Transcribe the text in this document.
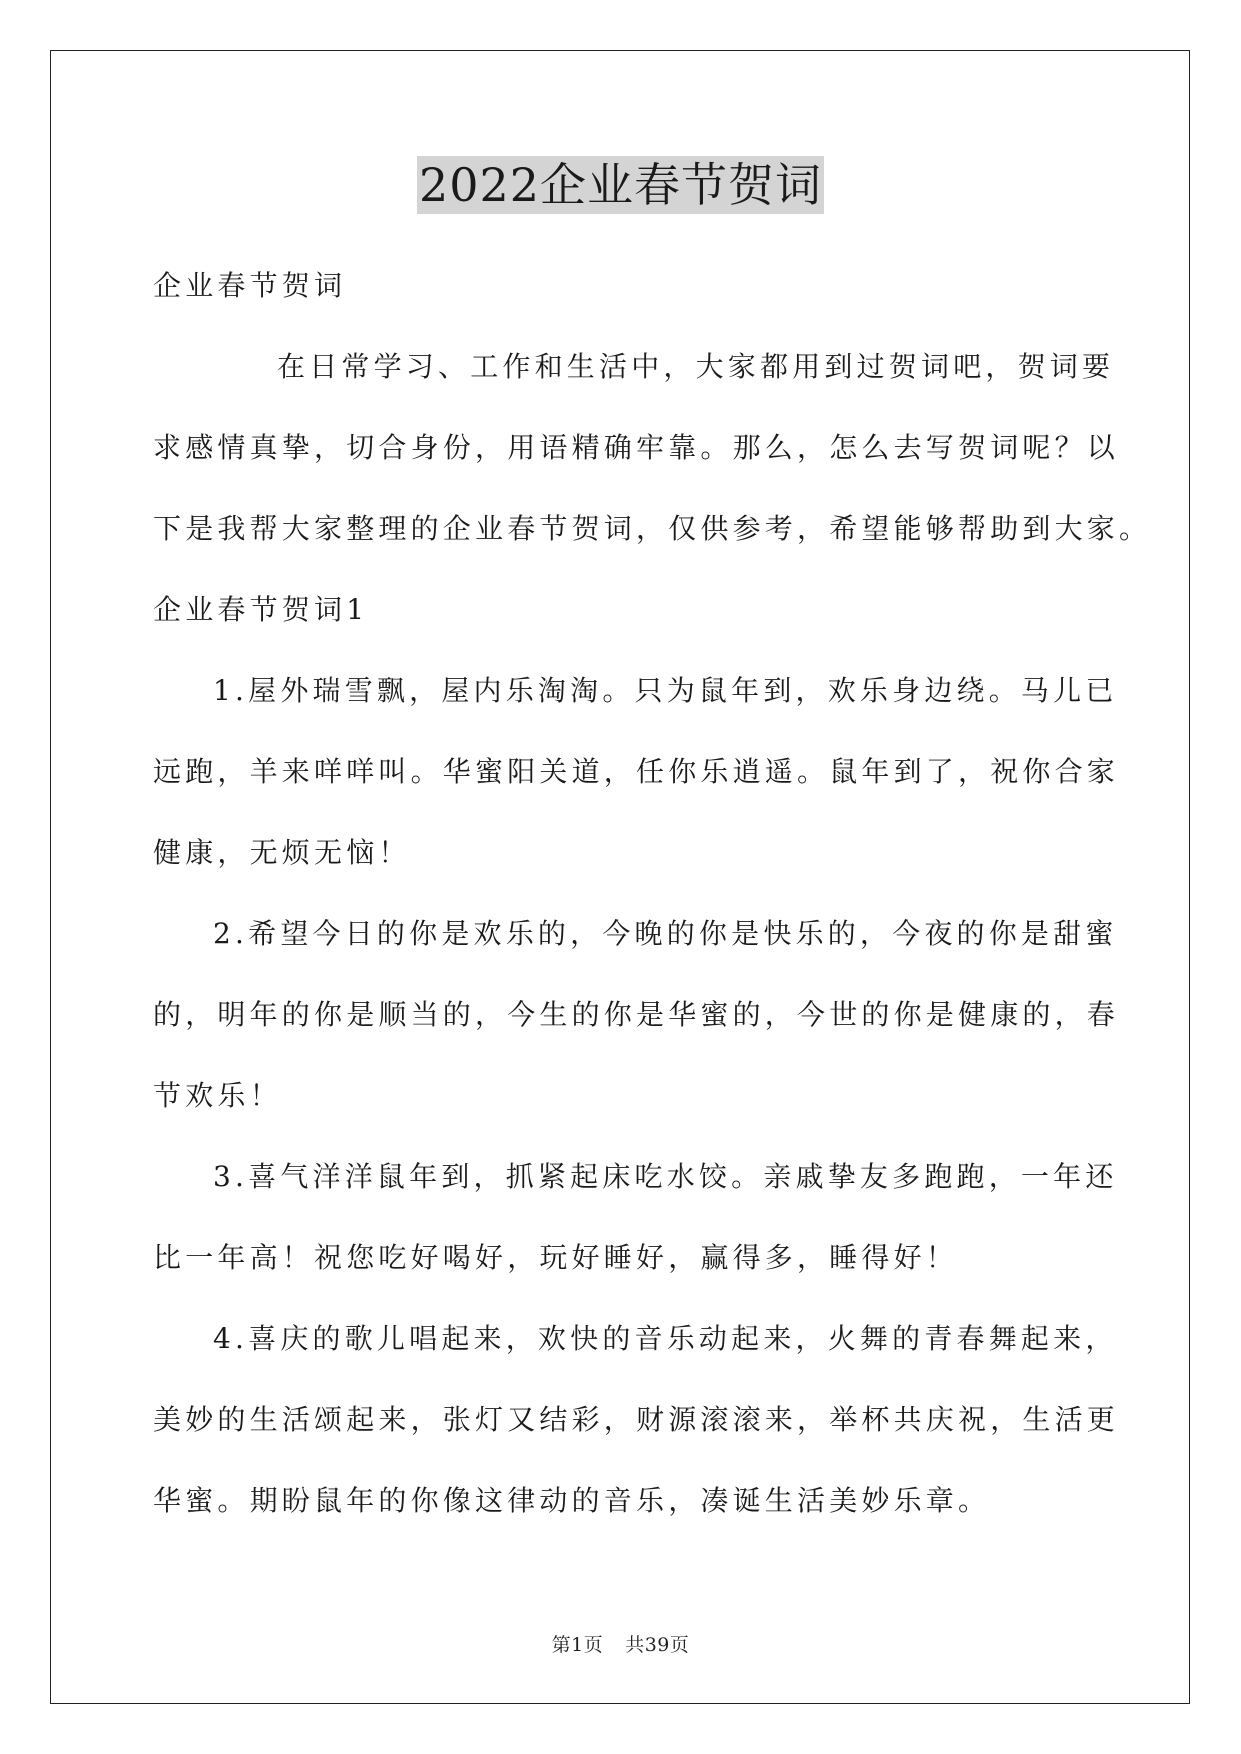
2022企业春节贺词
企业春节贺词
在日常学习、工作和生活中，大家都用到过贺词吧，贺词要
求感情真挚，切合身份，用语精确牢靠。那么，怎么去写贺词呢？以
下是我帮大家整理的企业春节贺词，仅供参考，希望能够帮助到大家。
企业春节贺词1
1.屋外瑞雪飘，屋内乐淘淘。只为鼠年到，欢乐身边绕。马儿已
远跑，羊来咩咩叫。华蜜阳关道，任你乐逍遥。鼠年到了，祝你合家
健康，无烦无恼！
2.希望今日的你是欢乐的，今晚的你是快乐的，今夜的你是甜蜜
的，明年的你是顺当的，今生的你是华蜜的，今世的你是健康的，春
节欢乐！
3.喜气洋洋鼠年到，抓紧起床吃水饺。亲戚挚友多跑跑，一年还
比一年高！祝您吃好喝好，玩好睡好，赢得多，睡得好！
4.喜庆的歌儿唱起来，欢快的音乐动起来，火舞的青春舞起来，
美妙的生活颂起来，张灯又结彩，财源滚滚来，举杯共庆祝，生活更
华蜜。期盼鼠年的你像这律动的音乐，凑诞生活美妙乐章。
第1页 共39页
